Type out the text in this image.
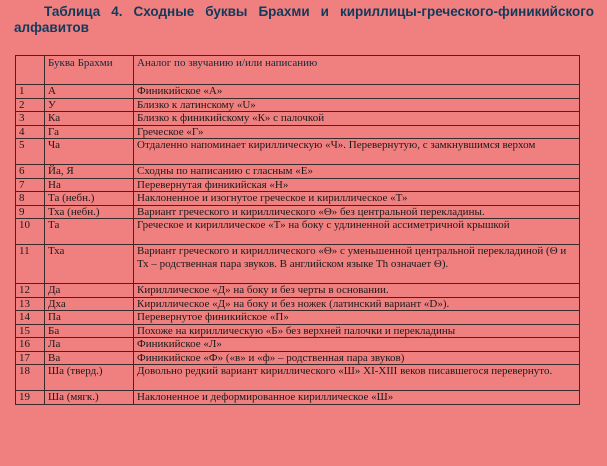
Таблица 4. Сходные буквы Брахми и кириллицы-греческого-финикийского алфавитов

	Буква Брахми	Аналог по звучанию и/или написанию

1	А	Финикийское «А»
2	У	Близко к латинскому «U»
3	Ка	Близко к финикийскому «К» с палочкой
4	Га	Греческое «Г»
5	Ча	Отдаленно напоминает кириллическую «Ч». Перевернутую, с замкнувшимся верхом
6	Йа, Я	Сходны по написанию с гласным «Е»
7	На	Перевернутая финикийская «Н»
8	Та (небн.)	Наклоненное и изогнутое греческое и кириллическое «Т»
9	Тха (небн.)	Вариант греческого и кириллического «Θ» без центральной перекладины.
10	Та	Греческое и кириллическое «Т» на боку с удлиненной ассиметричной крышкой
11	Тха	Вариант греческого и кириллического «Θ» с уменьшенной центральной перекладиной (Θ и Тх – родственная пара звуков. В английском языке Th означает Θ).
12	Да	Кириллическое «Д» на боку и без черты в основании.
13	Дха	Кириллическое «Д» на боку и без ножек (латинский вариант «D»).
14	Па	Перевернутое финикийское «П»
15	Ба	Похоже на кириллическую «Б» без верхней палочки и перекладины
16	Ла	Финикийское «Л»
17	Ва	Финикийское «Ф» («в» и «ф» – родственная пара звуков)
18	Ша (тверд.)	Довольно редкий вариант кириллического «Ш» XI-XIII веков писавшегося перевернуто.
19	Ша (мягк.)	Наклоненное и деформированное кириллическое «Ш»
